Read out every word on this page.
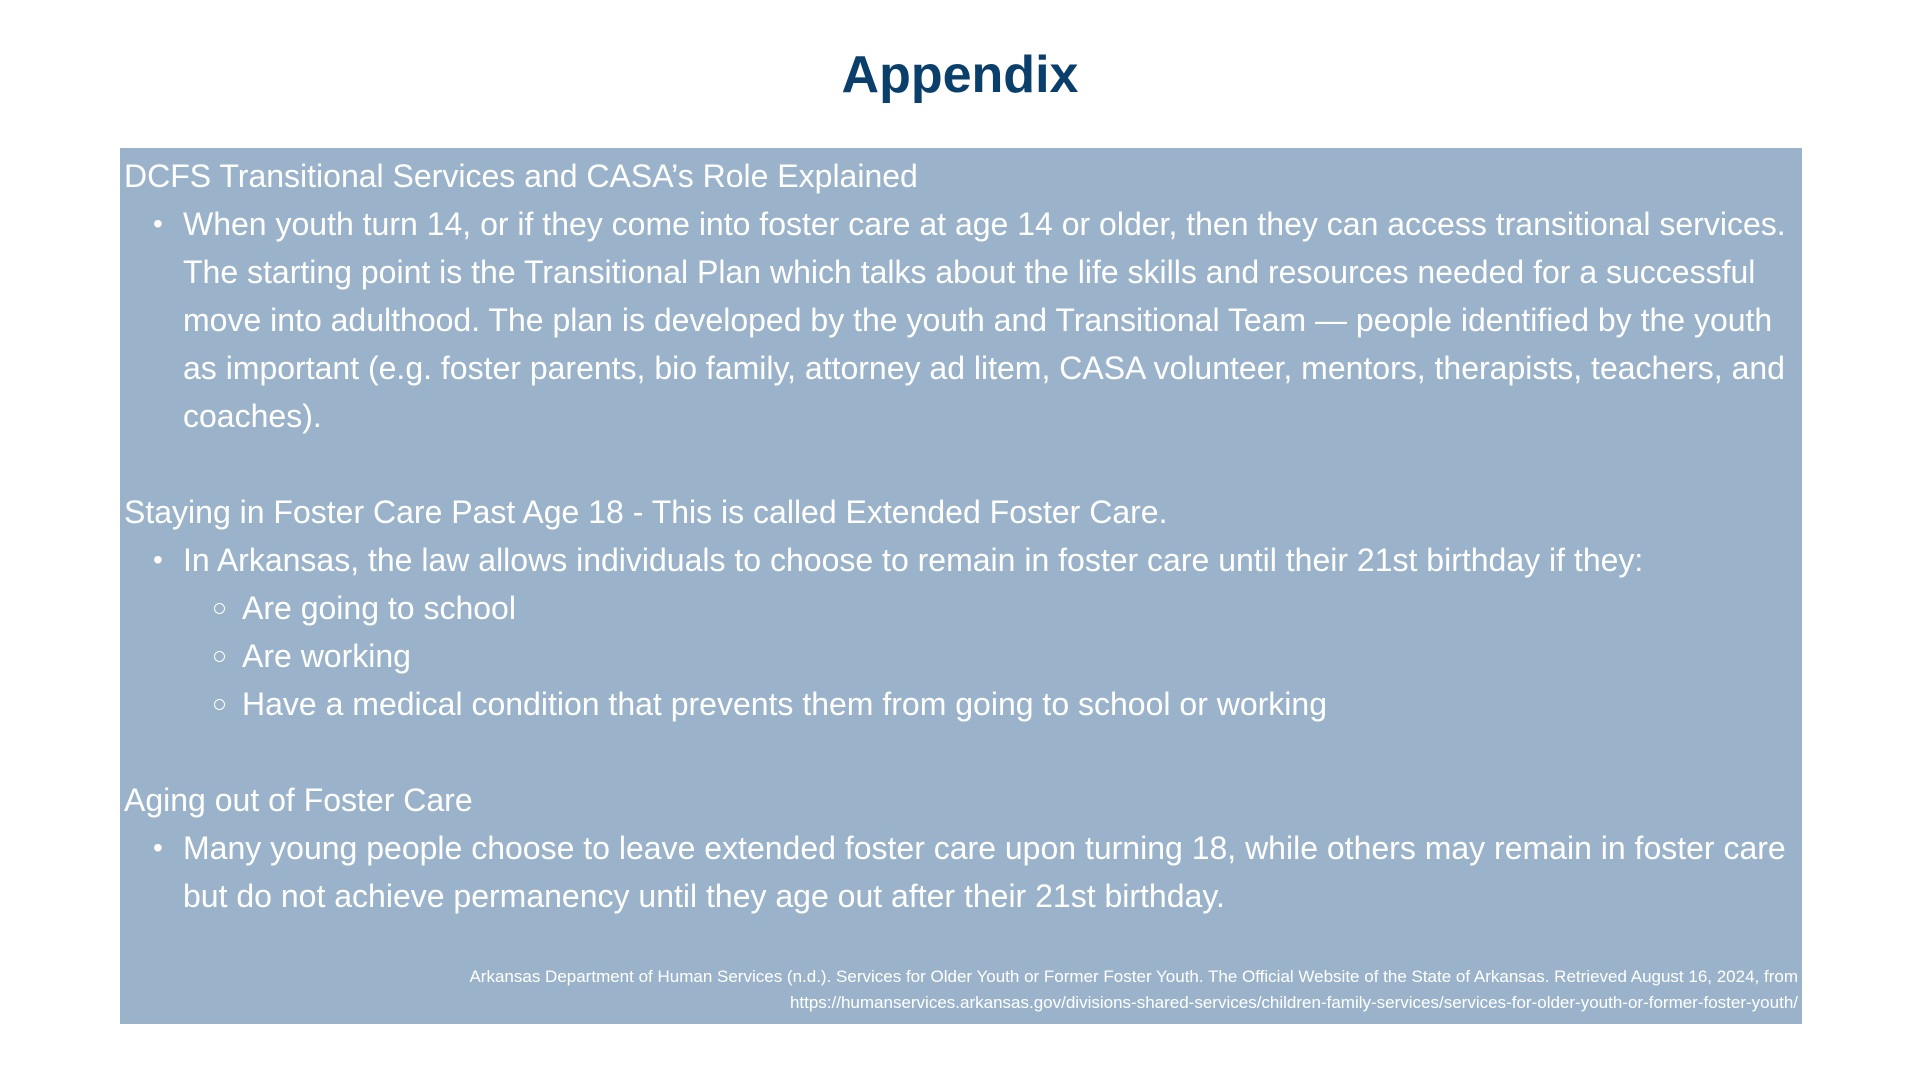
Appendix

DCFS Transitional Services and CASA’s Role Explained

• When youth turn 14, or if they come into foster care at age 14 or older, then they can access transitional services. The starting point is the Transitional Plan which talks about the life skills and resources needed for a successful move into adulthood. The plan is developed by the youth and Transitional Team — people identified by the youth as important (e.g. foster parents, bio family, attorney ad litem, CASA volunteer, mentors, therapists, teachers, and coaches).

Staying in Foster Care Past Age 18 - This is called Extended Foster Care.

• In Arkansas, the law allows individuals to choose to remain in foster care until their 21st birthday if they:
Are going to school
Are working
Have a medical condition that prevents them from going to school or working

Aging out of Foster Care

• Many young people choose to leave extended foster care upon turning 18, while others may remain in foster care but do not achieve permanency until they age out after their 21st birthday.
Arkansas Department of Human Services (n.d.). Services for Older Youth or Former Foster Youth. The Official Website of the State of Arkansas. Retrieved August 16, 2024, from
https://humanservices.arkansas.gov/divisions-shared-services/children-family-services/services-for-older-youth-or-former-foster-youth/
